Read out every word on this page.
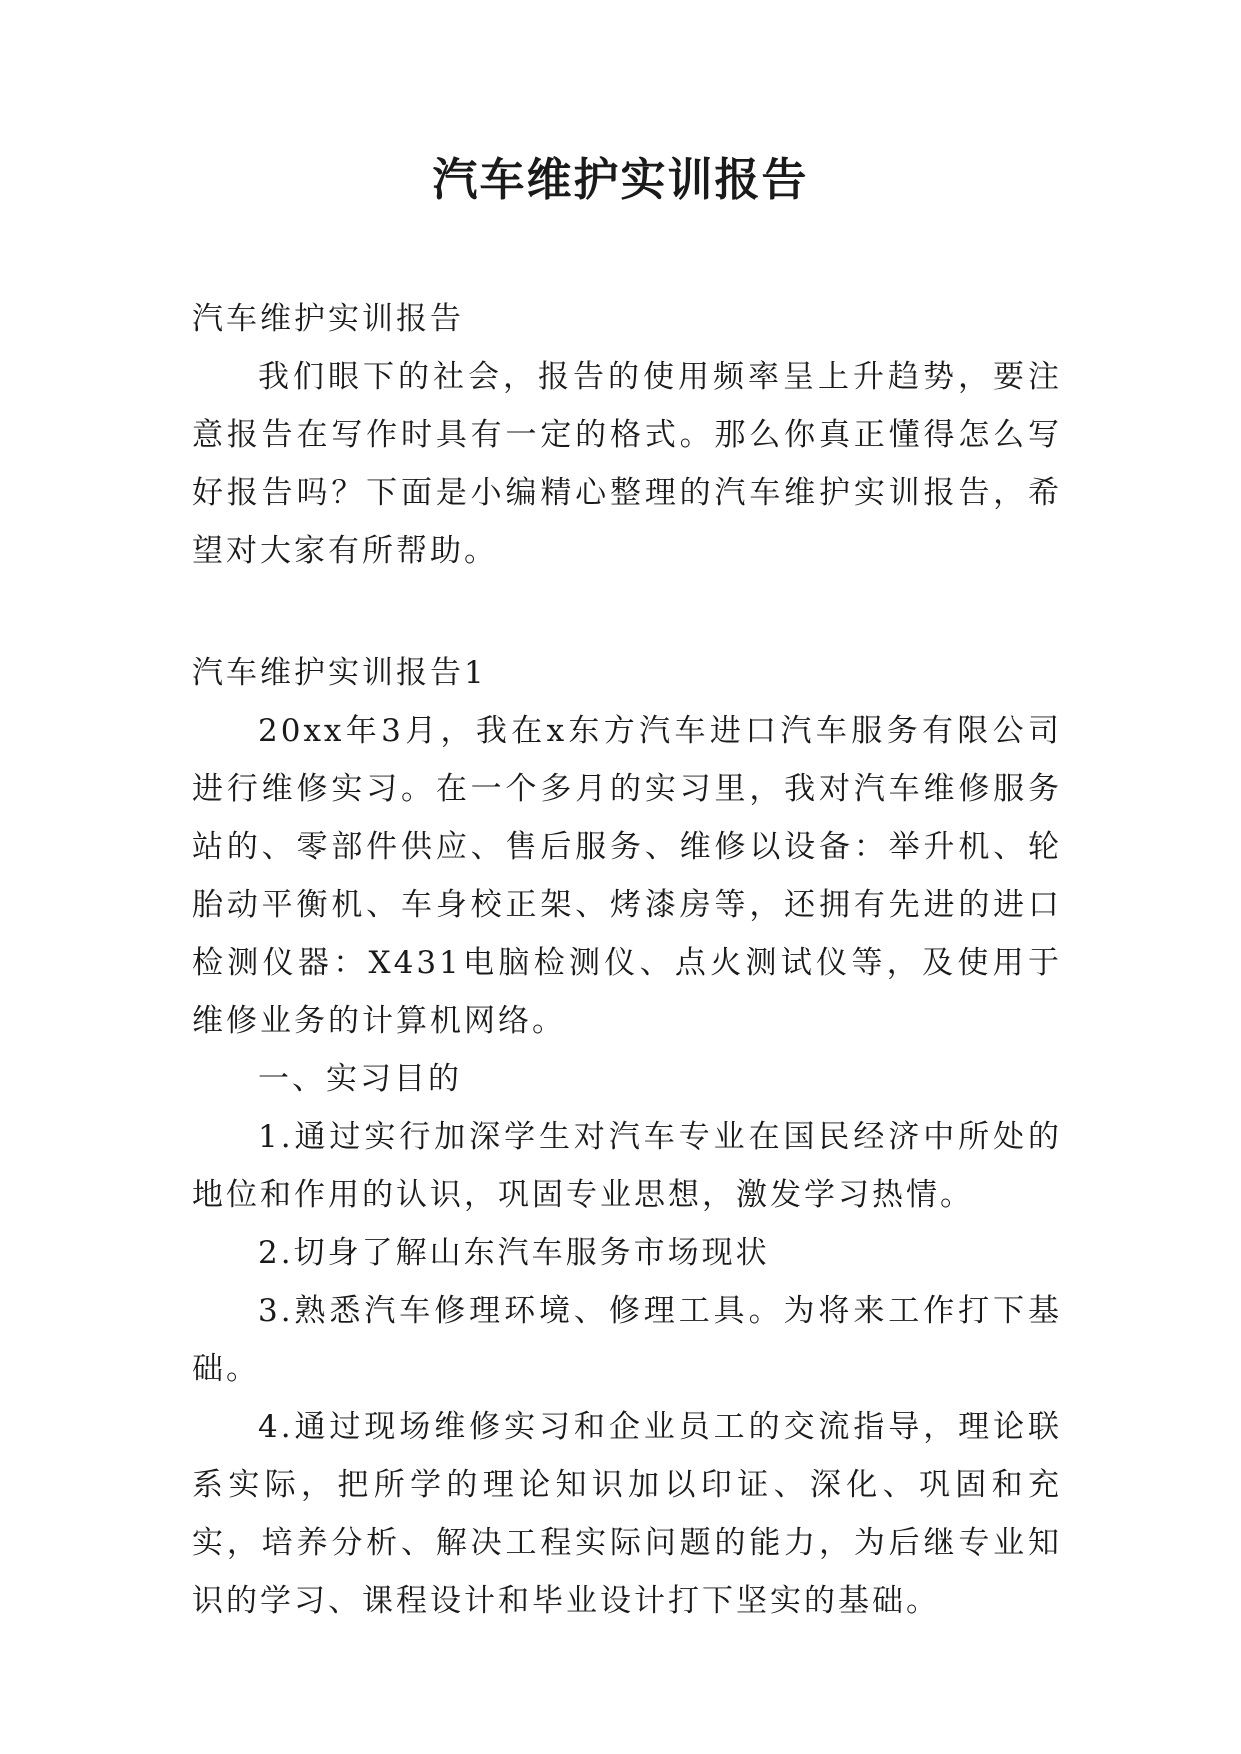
汽车维护实训报告

汽车维护实训报告

我们眼下的社会，报告的使用频率呈上升趋势，要注意报告在写作时具有一定的格式。那么你真正懂得怎么写好报告吗？下面是小编精心整理的汽车维护实训报告，希望对大家有所帮助。

汽车维护实训报告1

20xx年3月，我在x东方汽车进口汽车服务有限公司进行维修实习。在一个多月的实习里，我对汽车维修服务站的、零部件供应、售后服务、维修以设备：举升机、轮胎动平衡机、车身校正架、烤漆房等，还拥有先进的进口检测仪器：X431电脑检测仪、点火测试仪等，及使用于维修业务的计算机网络。

一、实习目的

1.通过实行加深学生对汽车专业在国民经济中所处的地位和作用的认识，巩固专业思想，激发学习热情。

2.切身了解山东汽车服务市场现状

3.熟悉汽车修理环境、修理工具。为将来工作打下基础。

4.通过现场维修实习和企业员工的交流指导，理论联系实际，把所学的理论知识加以印证、深化、巩固和充实，培养分析、解决工程实际问题的能力，为后继专业知识的学习、课程设计和毕业设计打下坚实的基础。
